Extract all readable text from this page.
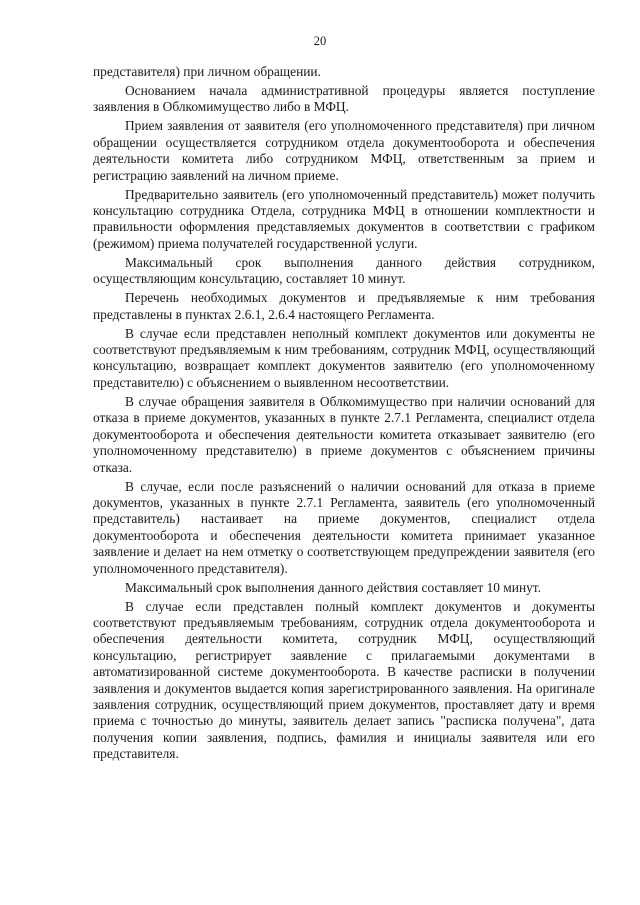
20

представителя) при личном обращении.

Основанием начала административной процедуры является поступление заявления в Облкомимущество либо в МФЦ.

Прием заявления от заявителя (его уполномоченного представителя) при личном обращении осуществляется сотрудником отдела документооборота и обеспечения деятельности комитета либо сотрудником МФЦ, ответственным за прием и регистрацию заявлений на личном приеме.

Предварительно заявитель (его уполномоченный представитель) может получить консультацию сотрудника Отдела, сотрудника МФЦ в отношении комплектности и правильности оформления представляемых документов в соответствии с графиком (режимом) приема получателей государственной услуги.

Максимальный срок выполнения данного действия сотрудником, осуществляющим консультацию, составляет 10 минут.

Перечень необходимых документов и предъявляемые к ним требования представлены в пунктах 2.6.1, 2.6.4 настоящего Регламента.

В случае если представлен неполный комплект документов или документы не соответствуют предъявляемым к ним требованиям, сотрудник МФЦ, осуществляющий консультацию, возвращает комплект документов заявителю (его уполномоченному представителю) с объяснением о выявленном несоответствии.

В случае обращения заявителя в Облкомимущество при наличии оснований для отказа в приеме документов, указанных в пункте 2.7.1 Регламента, специалист отдела документооборота и обеспечения деятельности комитета отказывает заявителю (его уполномоченному представителю) в приеме документов с объяснением причины отказа.

В случае, если после разъяснений о наличии оснований для отказа в приеме документов, указанных в пункте 2.7.1 Регламента, заявитель (его уполномоченный представитель) настаивает на приеме документов, специалист отдела документооборота и обеспечения деятельности комитета принимает указанное заявление и делает на нем отметку о соответствующем предупреждении заявителя (его уполномоченного представителя).

Максимальный срок выполнения данного действия составляет 10 минут.

В случае если представлен полный комплект документов и документы соответствуют предъявляемым требованиям, сотрудник отдела документооборота и обеспечения деятельности комитета, сотрудник МФЦ, осуществляющий консультацию, регистрирует заявление с прилагаемыми документами в автоматизированной системе документооборота. В качестве расписки в получении заявления и документов выдается копия зарегистрированного заявления. На оригинале заявления сотрудник, осуществляющий прием документов, проставляет дату и время приема с точностью до минуты, заявитель делает запись "расписка получена", дата получения копии заявления, подпись, фамилия и инициалы заявителя или его представителя.
